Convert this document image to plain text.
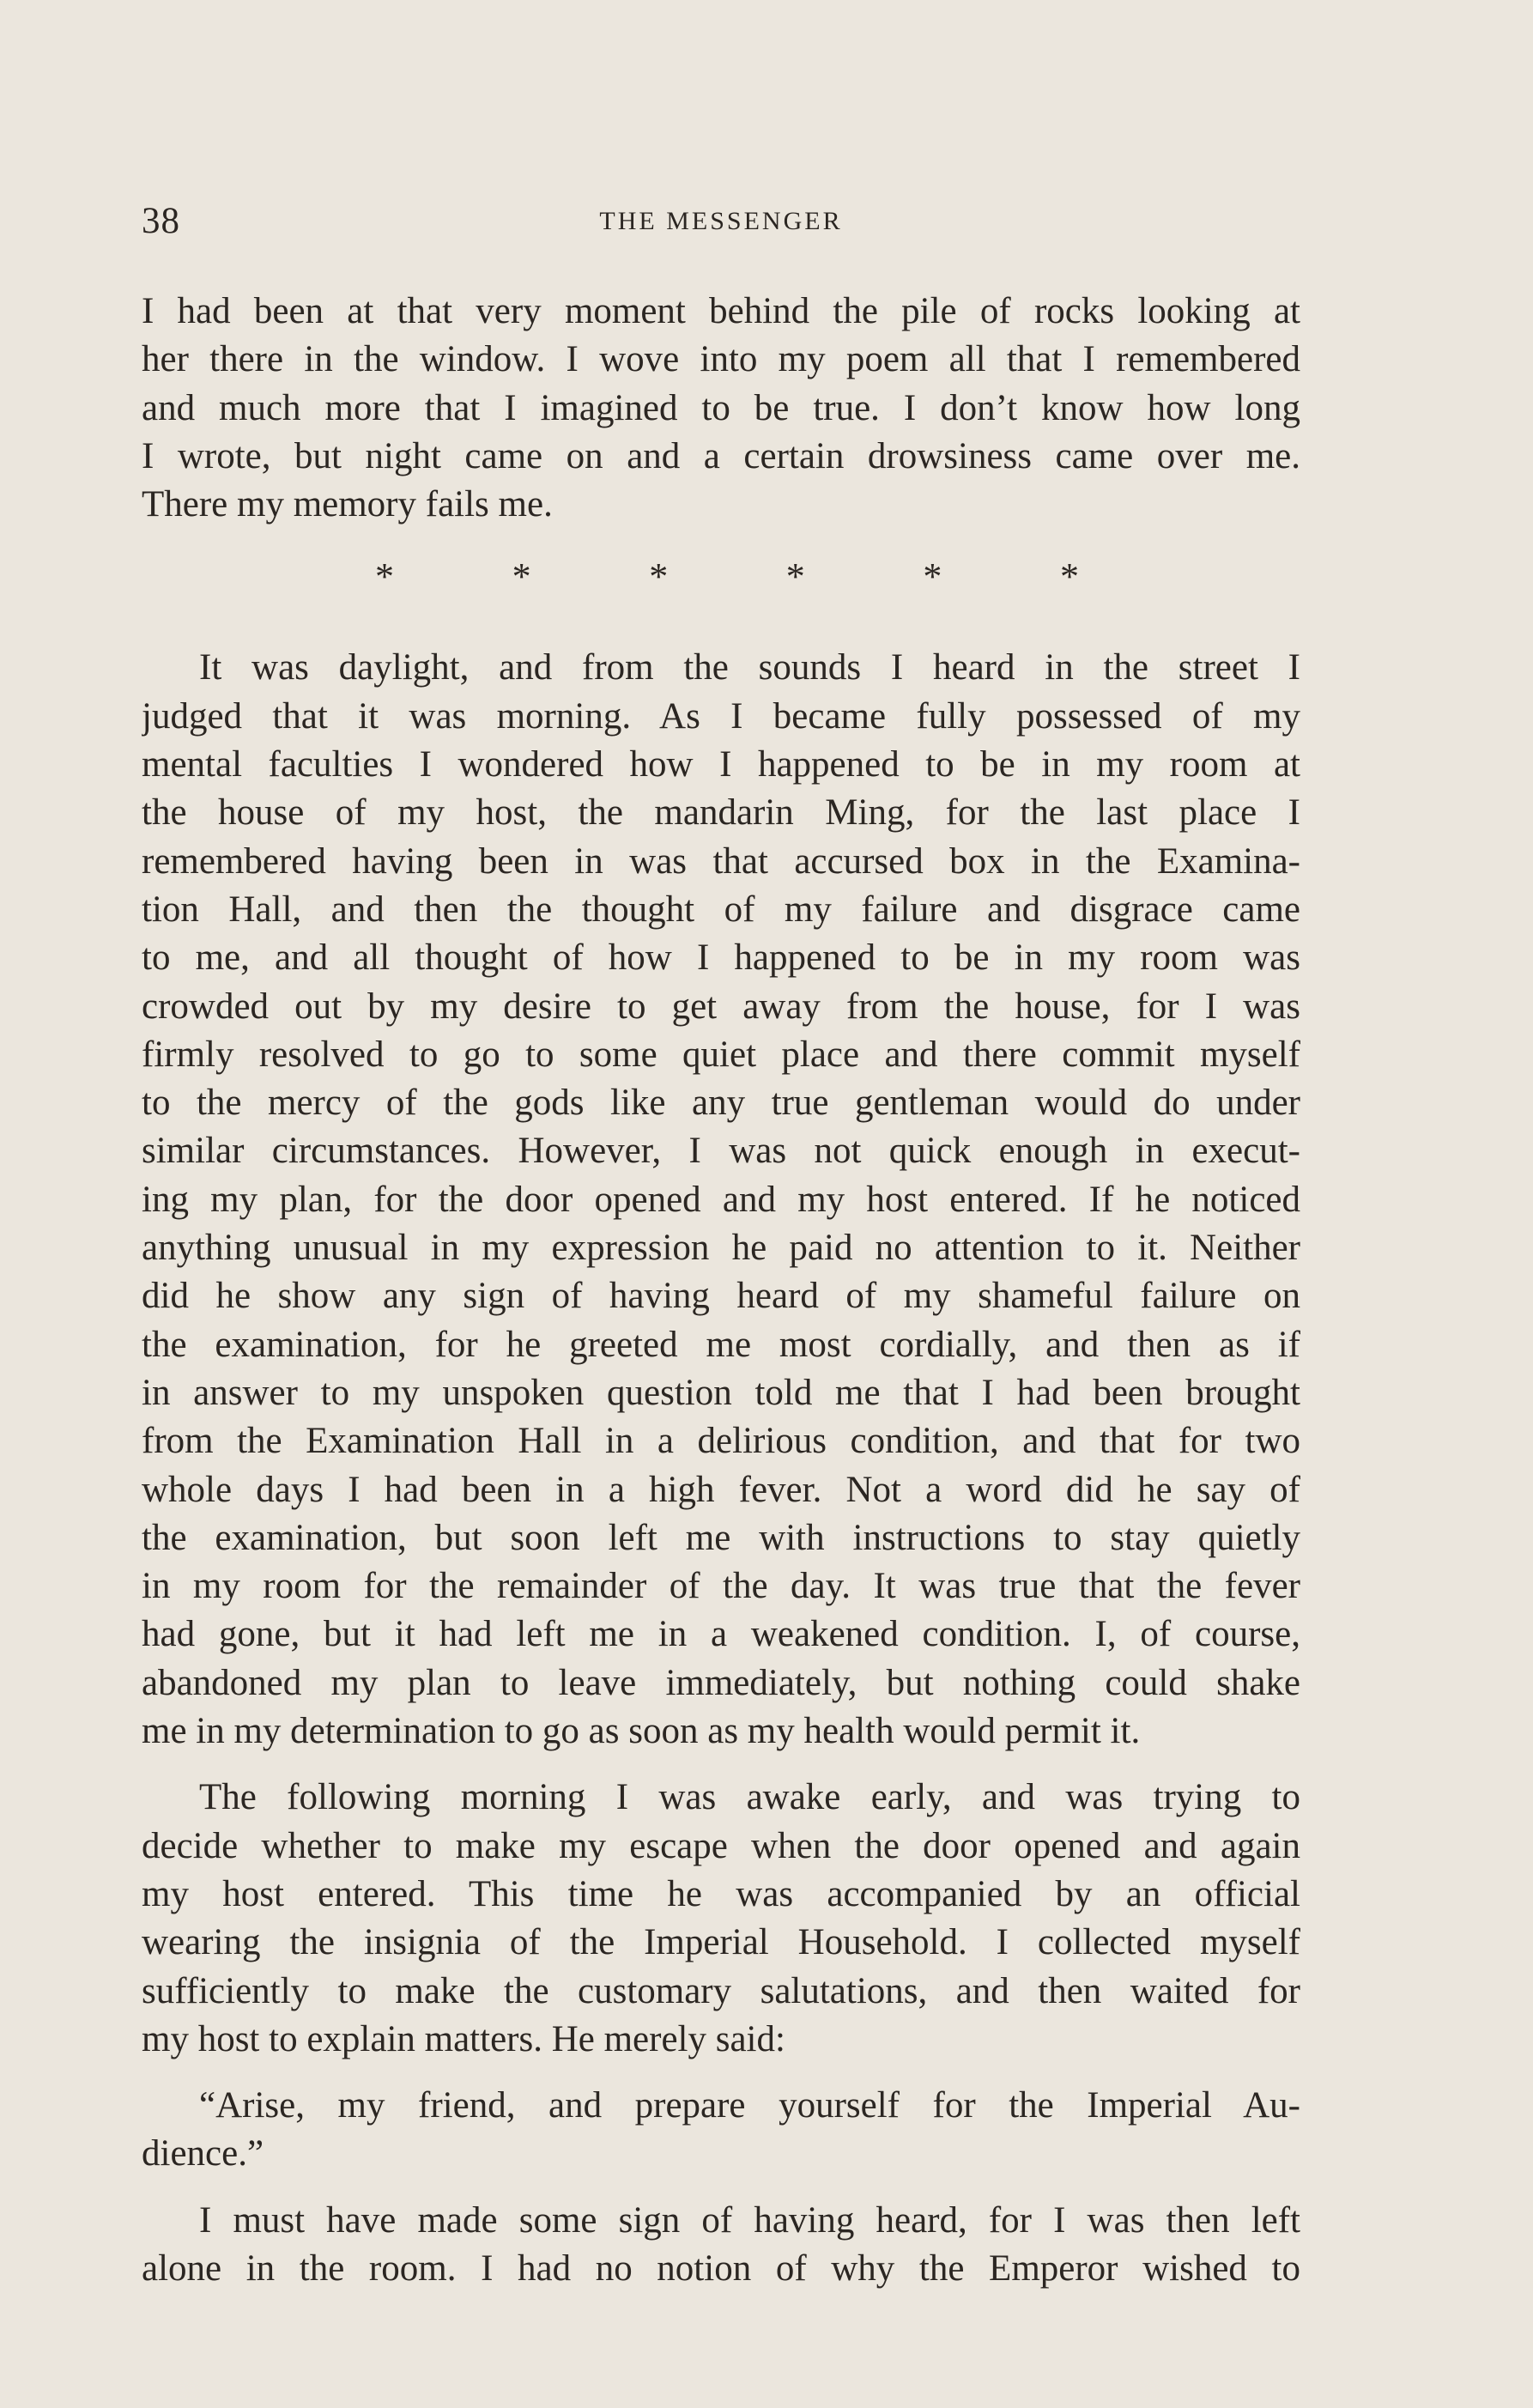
38	THE MESSENGER
I had been at that very moment behind the pile of rocks looking at
her there in the window. I wove into my poem all that I remembered
and much more that I imagined to be true. I don’t know how long
I wrote, but night came on and a certain drowsiness came over me.
There my memory fails me.
*	*	*	*	*	*
It was daylight, and from the sounds I heard in the street I
judged that it was morning. As I became fully possessed of my
mental faculties I wondered how I happened to be in my room at
the house of my host, the mandarin Ming, for the last place I
remembered having been in was that accursed box in the Examina-
tion Hall, and then the thought of my failure and disgrace came
to me, and all thought of how I happened to be in my room was
crowded out by my desire to get away from the house, for I was
firmly resolved to go to some quiet place and there commit myself
to the mercy of the gods like any true gentleman would do under
similar circumstances. However, I was not quick enough in execut-
ing my plan, for the door opened and my host entered. If he noticed
anything unusual in my expression he paid no attention to it. Neither
did he show any sign of having heard of my shameful failure on
the examination, for he greeted me most cordially, and then as if
in answer to my unspoken question told me that I had been brought
from the Examination Hall in a delirious condition, and that for two
whole days I had been in a high fever. Not a word did he say of
the examination, but soon left me with instructions to stay quietly
in my room for the remainder of the day. It was true that the fever
had gone, but it had left me in a weakened condition. I, of course,
abandoned my plan to leave immediately, but nothing could shake
me in my determination to go as soon as my health would permit it.
The following morning I was awake early, and was trying to
decide whether to make my escape when the door opened and again
my host entered. This time he was accompanied by an official
wearing the insignia of the Imperial Household. I collected myself
sufficiently to make the customary salutations, and then waited for
my host to explain matters. He merely said:
“Arise, my friend, and prepare yourself for the Imperial Au-
dience.”
I must have made some sign of having heard, for I was then left
alone in the room. I had no notion of why the Emperor wished to
